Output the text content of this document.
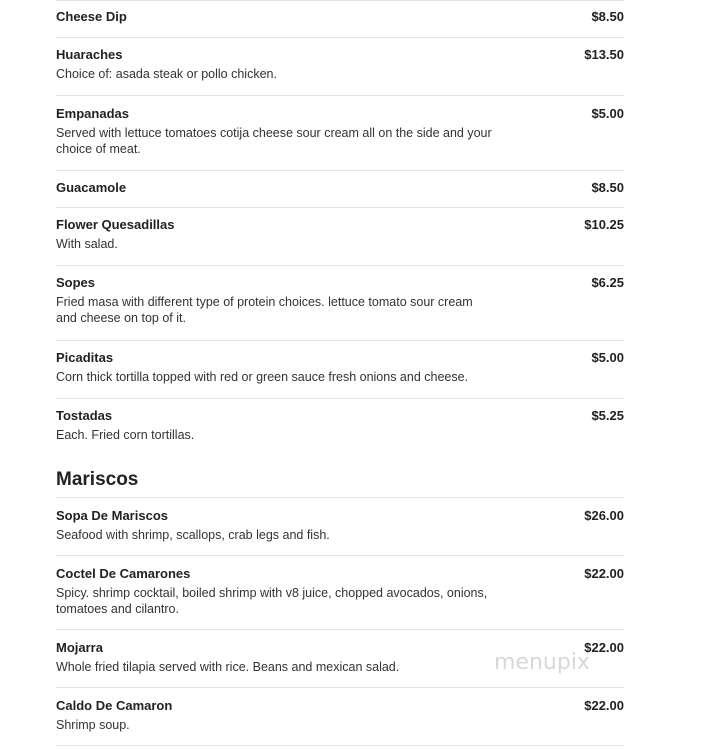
Cheese Dip	$8.50
Huaraches	$13.50
Choice of: asada steak or pollo chicken.
Empanadas	$5.00
Served with lettuce tomatoes cotija cheese sour cream all on the side and your choice of meat.
Guacamole	$8.50
Flower Quesadillas	$10.25
With salad.
Sopes	$6.25
Fried masa with different type of protein choices. lettuce tomato sour cream and cheese on top of it.
Picaditas	$5.00
Corn thick tortilla topped with red or green sauce fresh onions and cheese.
Tostadas	$5.25
Each. Fried corn tortillas.
Mariscos
Sopa De Mariscos	$26.00
Seafood with shrimp, scallops, crab legs and fish.
Coctel De Camarones	$22.00
Spicy. shrimp cocktail, boiled shrimp with v8 juice, chopped avocados, onions, tomatoes and cilantro.
Mojarra	$22.00
Whole fried tilapia served with rice. Beans and mexican salad.
Caldo De Camaron	$22.00
Shrimp soup.
menupix
